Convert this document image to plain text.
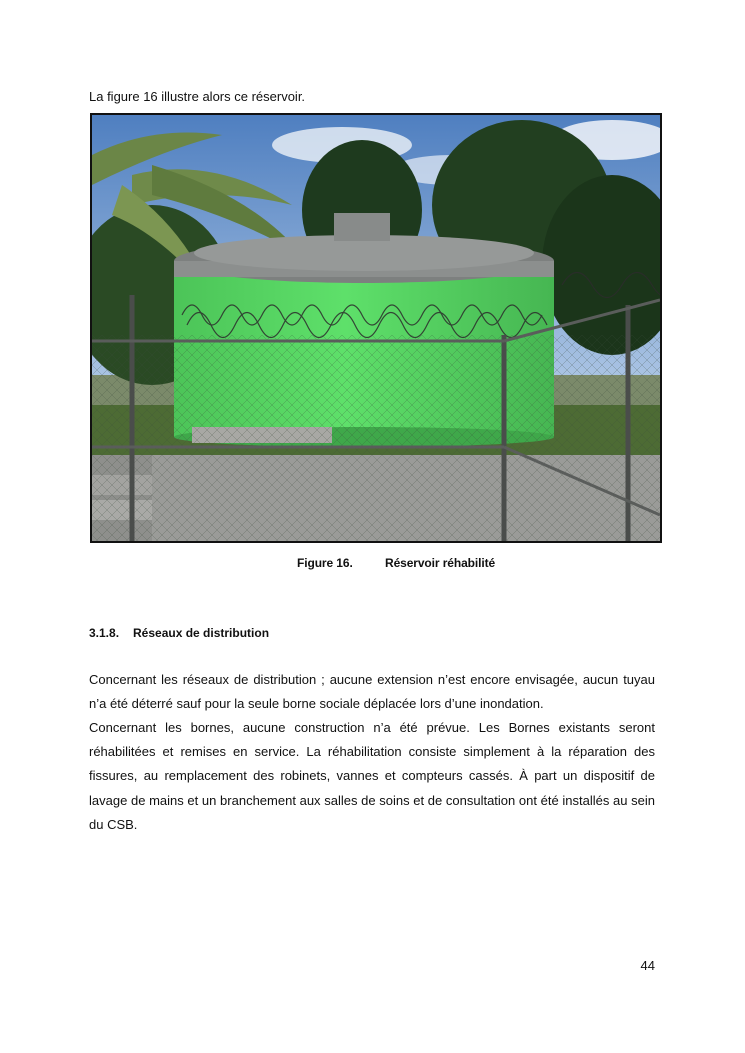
La figure 16 illustre alors ce réservoir.
Figure 16.	Réservoir réhabilité
3.1.8. Réseaux de distribution

Concernant les réseaux de distribution ; aucune extension n’est encore envisagée, aucun tuyau n’a été déterré sauf pour la seule borne sociale déplacée lors d’une inondation.

Concernant les bornes, aucune construction n’a été prévue. Les Bornes existants seront réhabilitées et remises en service. La réhabilitation consiste simplement à la réparation des fissures, au remplacement des robinets, vannes et compteurs cassés. À part un dispositif de lavage de mains et un branchement aux salles de soins et de consultation ont été installés au sein du CSB.

44
